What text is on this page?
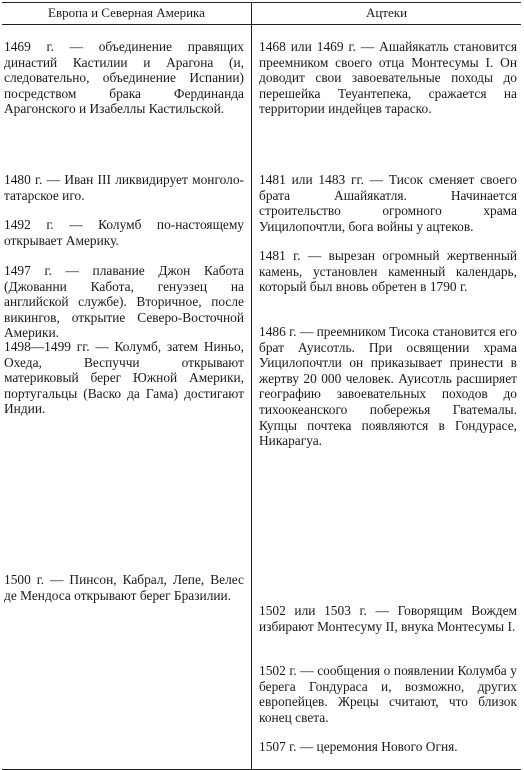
Европа и Северная Америка	Ацтеки
1469 г. — объединение правящих династий Кастилии и Арагона (и, следовательно, объединение Испании) посредством брака Фердинанда Арагонского и Изабеллы Кастильской.
1480 г. — Иван III ликвидирует монголо-татарское иго.
1492 г. — Колумб по-настоящему открывает Америку.
1497 г. — плавание Джон Кабота (Джованни Кабота, генуэзец на английской службе). Вторичное, после викингов, открытие Северо-Восточной Америки.
1498—1499 гг. — Колумб, затем Ниньо, Охеда, Веспуччи открывают материковый берег Южной Америки, португальцы (Васко да Гама) достигают Индии.
1500 г. — Пинсон, Кабрал, Лепе, Велес де Мендоса открывают берег Бразилии.
1468 или 1469 г. — Ашайякатль становится преемником своего отца Монтесумы I. Он доводит свои завоевательные походы до перешейка Теуантепека, сражается на территории индейцев тараско.
1481 или 1483 гг. — Тисок сменяет своего брата Ашайякатля. Начинается строительство огромного храма Уицилопочтли, бога войны у ацтеков.
1481 г. — вырезан огромный жертвенный камень, установлен каменный календарь, который был вновь обретен в 1790 г.
1486 г. — преемником Тисока становится его брат Ауисотль. При освящении храма Уицилопочтли он приказывает принести в жертву 20 000 человек. Ауисотль расширяет географию завоевательных походов до тихоокеанского побережья Гватемалы. Купцы почтека появляются в Гондурасе, Никарагуа.
1502 или 1503 г. — Говорящим Вождем избирают Монтесуму II, внука Монтесумы I.
1502 г. — сообщения о появлении Колумба у берега Гондураса и, возможно, других европейцев. Жрецы считают, что близок конец света.
1507 г. — церемония Нового Огня.
